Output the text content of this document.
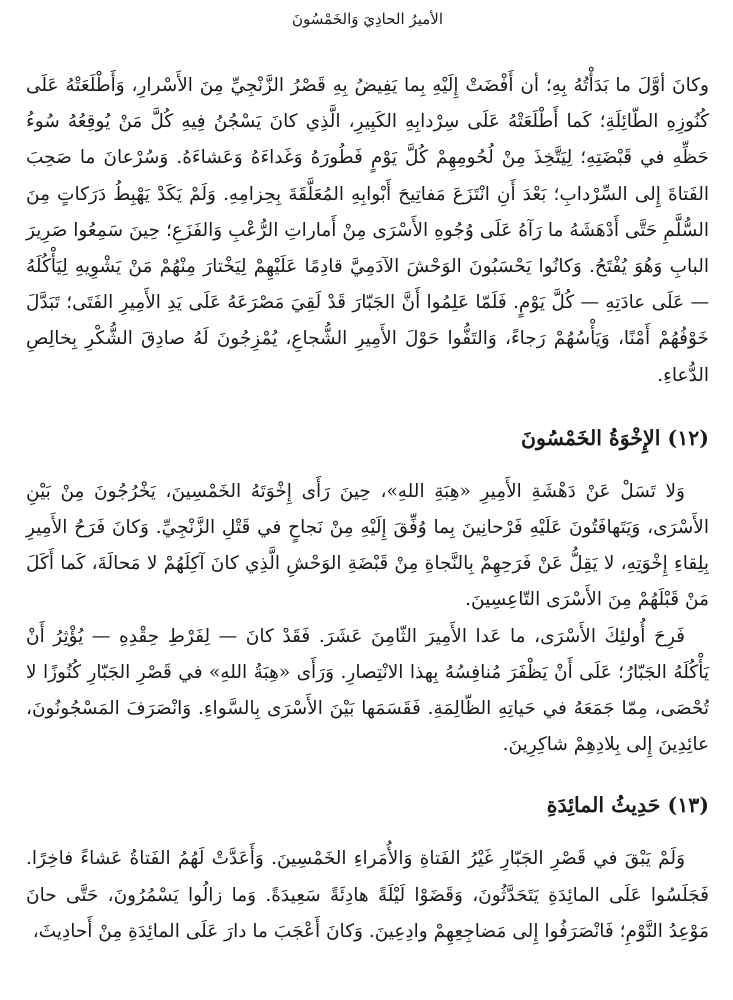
الأميرُ الحادِيَ وَالخَمْسُونَ

وكانَ أوَّلَ ما بَدَأْتُهُ بِهِ؛ أن أَفْضَتْ إِلَيْهِ بِما يَفِيضُ بِهِ قَصْرُ الزَّنْجِيِّ مِنَ الأَسْرارِ، وَأَطْلَعَتْهُ عَلَى كُنُوزِهِ الطّائِلَةِ؛ كَما أَطْلَعَتْهُ عَلَى سِرْدابِهِ الكَبِيرِ، الَّذِي كانَ يَسْجُنُ فِيهِ كُلَّ مَنْ يُوقِعُهُ سُوءُ حَظِّهِ في قَبْضَتِهِ؛ لِيَتَّخِذَ مِنْ لُحُومِهِمْ كُلَّ يَوْمٍ فَطُورَهُ وَغَداءَهُ وَعَشاءَهُ. وَسُرْعانَ ما صَحِبَ الفَتاةَ إِلى السِّرْدابِ؛ بَعْدَ أَنِ انْتَزَعَ مَفاتِيحَ أَبْوابِهِ المُعَلَّقَةَ بِحِزامِهِ. وَلَمْ يَكَدْ يَهْبِطُ دَرَكاتٍ مِنَ السُّلَّمِ حَتَّى أَدْهَشَهُ ما رَآهُ عَلَى وُجُوهِ الأَسْرَى مِنْ أَماراتِ الرُّعْبِ وَالفَزَعِ؛ حِينَ سَمِعُوا صَرِيرَ البابِ وَهُوَ يُفْتَحُ. وَكانُوا يَحْسَبُونَ الوَحْشَ الآدَمِيَّ قادِمًا عَلَيْهِمْ لِيَخْتارَ مِنْهُمْ مَنْ يَشْوِيهِ لِيَأْكُلَهُ — عَلَى عادَتِهِ — كُلَّ يَوْمٍ. فَلَمّا عَلِمُوا أَنَّ الجَبّارَ قَدْ لَقِيَ مَصْرَعَهُ عَلَى يَدِ الأَمِيرِ الفَتَى؛ تَبَدَّلَ خَوْفُهُمْ أَمْنًا، وَيَأْسُهُمْ رَجاءً، وَالتَفُّوا حَوْلَ الأَمِيرِ الشُّجاعِ، يُمْزِجُونَ لَهُ صادِقَ الشُّكْرِ بِخالِصِ الدُّعاءِ.

(١٢) الإِخْوَةُ الخَمْسُونَ

وَلا تَسَلْ عَنْ دَهْشَةِ الأَمِيرِ «هِبَةِ اللهِ»، حِينَ رَأَى إِخْوَتَهُ الخَمْسِينَ، يَخْرُجُونَ مِنْ بَيْنِ الأَسْرَى، وَيَتَهافَتُونَ عَلَيْهِ فَرْحانِينَ بِما وُفِّقَ إِلَيْهِ مِنْ نَجاحٍ في قَتْلِ الزَّنْجِيِّ. وَكانَ فَرَحُ الأَمِيرِ بِلِقاءِ إِخْوَتِهِ، لا يَقِلُّ عَنْ فَرَحِهِمْ بِالنَّجاةِ مِنْ قَبْضَةِ الوَحْشِ الَّذِي كانَ آكِلَهُمْ لا مَحالَةَ، كَما أَكَلَ مَنْ قَبْلَهُمْ مِنَ الأَسْرَى التّاعِسِينَ.

فَرِحَ أُولئِكَ الأَسْرَى، ما عَدا الأَمِيرَ الثّامِنَ عَشَرَ. فَقَدْ كانَ — لِفَرْطِ حِقْدِهِ — يُؤْثِرُ أَنْ يَأْكُلَهُ الجَبّارُ؛ عَلَى أَنْ يَظْفَرَ مُنافِسُهُ بِهذا الانْتِصارِ. وَرَأَى «هِبَةُ اللهِ» في قَصْرِ الجَبّارِ كُنُوزًا لا تُحْصَى، مِمّا جَمَعَهُ في حَياتِهِ الظّالِمَةِ. فَقَسَمَها بَيْنَ الأَسْرَى بِالسَّواءِ. وَانْصَرَفَ المَسْجُونُونَ، عائِدِينَ إِلى بِلادِهِمْ شاكِرِينَ.

(١٣) حَدِيثُ المائِدَةِ

وَلَمْ يَبْقَ في قَصْرِ الجَبّارِ غَيْرُ الفَتاةِ وَالأُمَراءِ الخَمْسِينَ. وَأَعَدَّتْ لَهُمُ الفَتاةُ عَشاءً فاخِرًا. فَجَلَسُوا عَلَى المائِدَةِ يَتَحَدَّثُونَ، وَقَضَوْا لَيْلَةً هادِئَةً سَعِيدَةً. وَما زالُوا يَسْمُرُونَ، حَتَّى حانَ مَوْعِدُ النَّوْمِ؛ فَانْصَرَفُوا إِلى مَضاجِعِهِمْ وادِعِينَ. وَكانَ أَعْجَبَ ما دارَ عَلَى المائِدَةِ مِنْ أَحادِيثَ،
